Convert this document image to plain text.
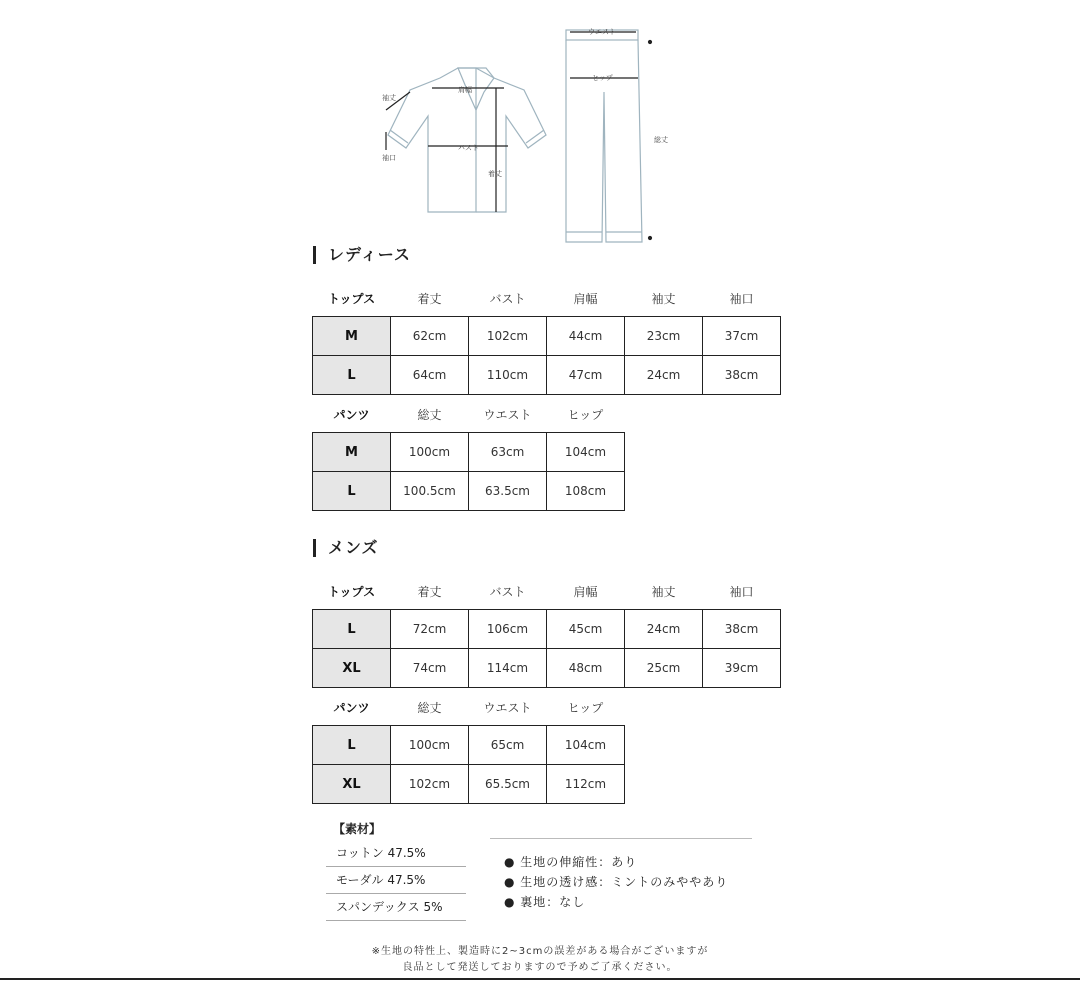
肩幅
バスト
着丈
袖丈
袖口
ウエスト
ヒップ
総丈
レディース
トップス	着丈	バスト	肩幅	袖丈	袖口
M	62cm	102cm	44cm	23cm	37cm
L	64cm	110cm	47cm	24cm	38cm
パンツ	総丈	ウエスト	ヒップ
M	100cm	63cm	104cm
L	100.5cm	63.5cm	108cm
メンズ
トップス	着丈	バスト	肩幅	袖丈	袖口
L	72cm	106cm	45cm	24cm	38cm
XL	74cm	114cm	48cm	25cm	39cm
パンツ	総丈	ウエスト	ヒップ
L	100cm	65cm	104cm
XL	102cm	65.5cm	112cm
【素材】
コットン 47.5%
モーダル 47.5%
スパンデックス 5%
● 生地の伸縮性：あり
● 生地の透け感：ミントのみややあり
● 裏地：なし
※生地の特性上、製造時に2~3cmの誤差がある場合がございますが
良品として発送しておりますので予めご了承ください。
